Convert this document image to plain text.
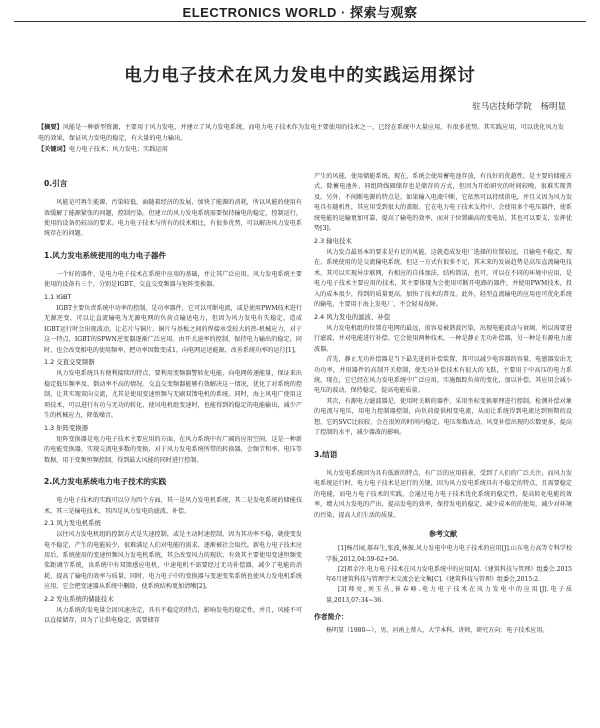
ELECTRONICS WORLD · 探索与观察
电力电子技术在风力发电中的实践运用探讨
驻马店技师学院 杨明显
【摘要】风能是一种新型资源，主要用于风力发电，并建立了风力发电系统，而电力电子技术作为发电主要使用的技术之一，已经在系统中大量应用，有很多优势。其实践应用，可以优化风力发电的效果，保证风力发电的稳定，有大量的电力输出。
【关键词】电力电子技术；风力发电；实践运用
0.引言

风能是可再生能源，污染较低，面随着经济的发展，加快了能源的消耗，所以风能的使用有效缓解了能源紧张的问题，控制污染。但建立的风力发电系统需要保持输电的稳定，控制运行，使用的设备仍较高的要求。电力电子技术与所有的技术相比，有很多优势，可以解决风力发电系统存在的问题。

1.风力发电系统使用的电力电子器件

一个好的器件，是电力电子技术在系统中应用的基础，并让其广泛应用。风力发电系统主要使用的设备有三个，分别是IGBT、交直交变频器与矩阵变换器。

1.1 IGBT

IGBT主要负责系统中功率的控制，是功率器件，它可以可断电流，或是使用PWM技术进行无源逆变，可以让直流输电为无源电网的负荷点输送电力，但因为风力发电有失稳定，造成IGBT运行时会出现波动，让芯片与铜片、铜片与基板之间的焊接承受较大的热-机械应力，对于这一特点，IGBT的SPWN逆变器逐渐广泛应用。由开关速率的控制，保持电力输出的稳定，同时，也会改变相电的使用频率，把功率因数变成1，向电网运送能源，改善系统功率的运行[1]。

1.2 交直交变频器

风力发电系统具有便利接续的特点，要利用变频器警转化电能，向电网传递能量，保证来出稳定低压频率及、倒动率不高的情况。交直交变频器能够有效解决这一情况，优化了对系统的控制，让其实现双向交流，尤其是使用变速恒频与无刷双馈电机的系统。同时，海上风电广使用这项技术，可以进行有功与无功的转化，使风电机组变速时，也能得到的稳定的电能输出，减少产生的机械应力，降低噪音。

1.3 矩阵变换器

矩阵变换器是电力电子技术主要应用的方面，在风力系统中有广阔的应用空间，这是一种新的电能变换器，实现交流电多数的变换，对于风力发电系统所带的转换器，会频节和率、电压等数据，用于变频恒频控制，得到最大风能的同时进行控制。

2.风力发电系统电力电子技术的实践

电力电子技术的实践可以分为四个方面，其一是风力发电机系统，其二是发电系统的储能技术，其三是输电技术，其四是风力发电的滤波、补偿。

2.1 风力发电机系统

以往风力发电机组的控制方式是失速控制，或是主动时速控制，因为其功率不稳，就使变发电不稳定，产生的电能较少，很难满足人们对电能的需求，逐渐被社会取代。新电力电子技术应用后，系统使用的变速恒频风力发电机系统，其会改变风力的现状，有效其主要使用变速恒频变桨距调节系统，该系统中有双馈感应电机，中速电机不需要经过无功补偿器，减少了电能的消耗，提高了输电的效率与质量，同时，电力电子中的变换器与变速变桨系统也使风力发电机系统应用，它会把变速器从系统中删除，使系统结构更加清晰[2]。

2.2 发电系统的储能技术

风力系统的发电量会因风速决定，具有不稳定的特点，影响发电的稳定性，并且，风能不可以直接储存，因为了让供电稳定，需要储存

产生的风能，使用储能系统。现在，系统会使用蓄电池存放，有良好的优越性，是主要的储能方式，除蓄电池外，同组降线圈储存也是储存的方式，但因为开始研究的时间较晚，很难实现普及。另外，不间断电源的特点是，如果输入电流中断，它依然可以持续供电，并且又因为风力发电具有随机性，其应用受到很大的盖限。它在电力电子技术支持中，会使用多个电压器件，使系统电能的运输更加可靠，提高了输电的效率，而对于位置确高的变电站，其也可以要支，发挥优势[3]。

2.3 输电技术

风力发点最基本的要求是有足的风能，这就造成发电厂选择的位置较远，且输电不稳定。现在，系统使用的是交流输电系统，但这一方式有很多不足，其未来的发展趋势是高压直流输电技术，其可以实现异步联网，有相应的自体加法，结构简洁，也可，可以在不同的环境中应用，是电力电子技术主要应用的技术，其主要体现为会使用可断开电路的器件，并使用PWM技术，投入的成本很少，得到的质量更高，加快了技术的普及。此外，轻型直流输电的应用也可优化系统的输电，主要用于海上发电厂，不会轻易故障。

2.4 风力发电的滤波、补偿

风力发电机组的位置在电网的最远，很容易被谐波污染，出现电能波动与衰竭，所以需要进行滤波，并对电能进行补偿。它会使用两种技术，一种是静止无功补偿器，另一种是有源电力滤波器。

首先，静止无功补偿器是当下最先进的补偿装置，其可以减少电容器的容量，电感器发出无功功率，并用器件的高制开关控制，使无功补偿技术有很大的飞跃，主要用于中高压的电力系统。现在，它已经在风力发电系统中广泛应用，实施跟踪负荷的变化，加以补偿，其应用会减小电压的波动，保持稳定，提高电能质量。

其次，有源电力滤波器是，使用时关断的器件，采用坐标变换原理进行控制，检测补偿对象的电流与电压，用电力控制器控制，向负荷提供相变电流，从而让系统得到电流达到预期的设想，它的SVC比较较，会在很短的时间内稳定，电压参数改动、风变补偿出现的次数更多，提高了控制的水平，减少器波的影响。

3.结语

风力发电系统因为具有低新的特点，有广泛的应用前景，受到了人们的广泛关注，而风力发电系统运行时，电力电子技术是运行的关键，因为风力发电系统具有不稳定的特点，且需要稳定的电能，而电力电子技术的实践，会通过电力电子技术优化系统的稳定性，提高转化电能的效率，增大风力发电的产出，提高发电的效率，保持发电的稳定，减少成本的的使用，减少对环境的污染，提高人们生活的质量。

参考文献

[1]杨昌园,郝春生,张波,林振.风力发电中电力电子技术的应用[J].山东电力高等专科学校学报,2012,04:59-62+56.

[2]祖金冷.电力电子技术在风力发电系统中的应用[A].《建筑科技与管理》组委会.2015年6月建筑科技与管理学术交流会论文集[C].《建筑科技与管理》组委会,2015:2.

[3]师亮,刘玉丛,崔春峰.电力电子技术在风力发电中的应用[J].电子质量,2013,07:34~36.

作者简介：

杨明显（1980—），男，河南上蔡人，大学本科，讲师，研究方向：电子技术应用。
